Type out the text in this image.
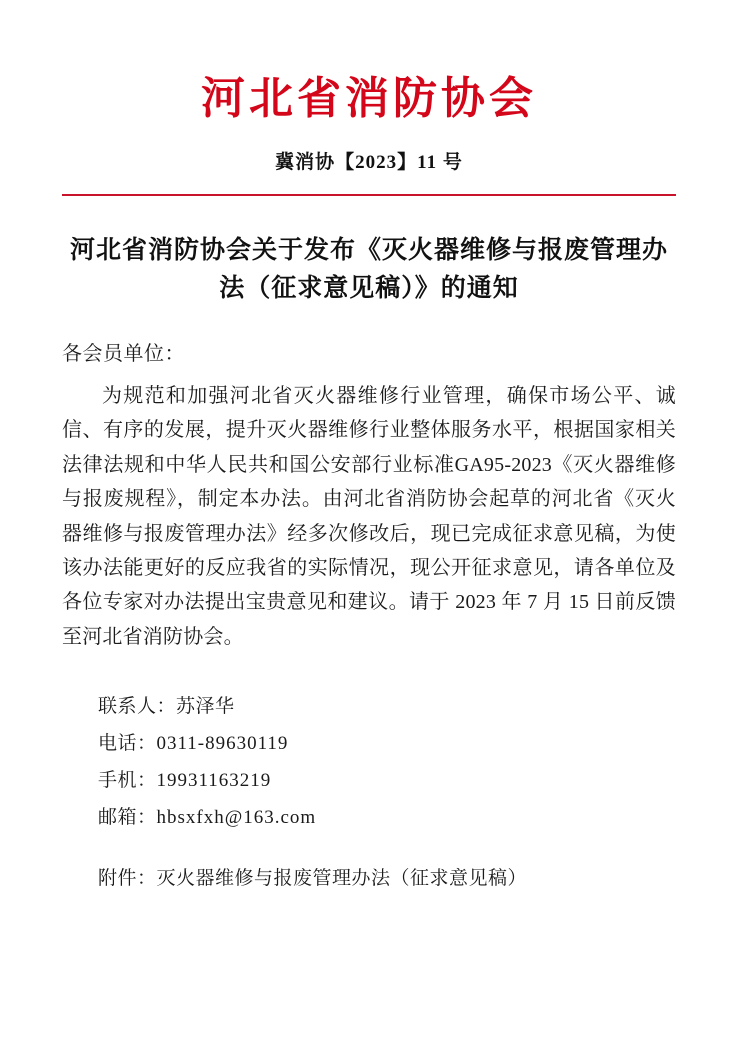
河北省消防协会
冀消协【2023】11 号
河北省消防协会关于发布《灭火器维修与报废管理办法（征求意见稿）》的通知
各会员单位：
为规范和加强河北省灭火器维修行业管理，确保市场公平、诚信、有序的发展，提升灭火器维修行业整体服务水平，根据国家相关法律法规和中华人民共和国公安部行业标准GA95-2023《灭火器维修与报废规程》，制定本办法。由河北省消防协会起草的河北省《灭火器维修与报废管理办法》经多次修改后，现已完成征求意见稿，为使该办法能更好的反应我省的实际情况，现公开征求意见，请各单位及各位专家对办法提出宝贵意见和建议。请于 2023 年 7 月 15 日前反馈至河北省消防协会。
联系人：苏泽华
电话：0311-89630119
手机：19931163219
邮箱：hbsxfxh@163.com
附件：灭火器维修与报废管理办法（征求意见稿）
